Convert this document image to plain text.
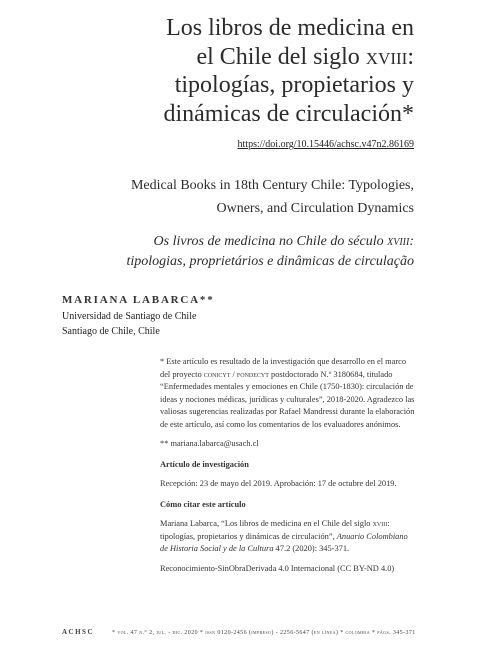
Los libros de medicina en
el Chile del siglo xviii:
tipologías, propietarios y
dinámicas de circulación*
https://doi.org/10.15446/achsc.v47n2.86169
Medical Books in 18th Century Chile: Typologies,
Owners, and Circulation Dynamics
Os livros de medicina no Chile do século xviii:
tipologias, proprietários e dinâmicas de circulação
MARIANA LABARCA**
Universidad de Santiago de Chile
Santiago de Chile, Chile

* Este artículo es resultado de la investigación que desarrollo en el marco del proyecto conicyt / fondecyt postdoctorado N.º 3180684, titulado “Enfermedades mentales y emociones en Chile (1750-1830): circulación de ideas y nociones médicas, jurídicas y culturales”, 2018-2020. Agradezco las valiosas sugerencias realizadas por Rafael Mandressi durante la elaboración de este artículo, así como los comentarios de los evaluadores anónimos.

** mariana.labarca@usach.cl

Artículo de investigación

Recepción: 23 de mayo del 2019. Aprobación: 17 de octubre del 2019.

Cómo citar este artículo

Mariana Labarca, “Los libros de medicina en el Chile del siglo xviii: tipologías, propietarios y dinámicas de circulación”, Anuario Colombiano de Historia Social y de la Cultura 47.2 (2020): 345-371.

Reconocimiento-SinObraDerivada 4.0 Internacional (CC BY-ND 4.0)

ACHSC	* vol. 47 n.° 2, jul. - dic. 2020 * issn 0120-2456 (impreso) - 2256-5647 (en línea) * colombia * págs. 345-371
